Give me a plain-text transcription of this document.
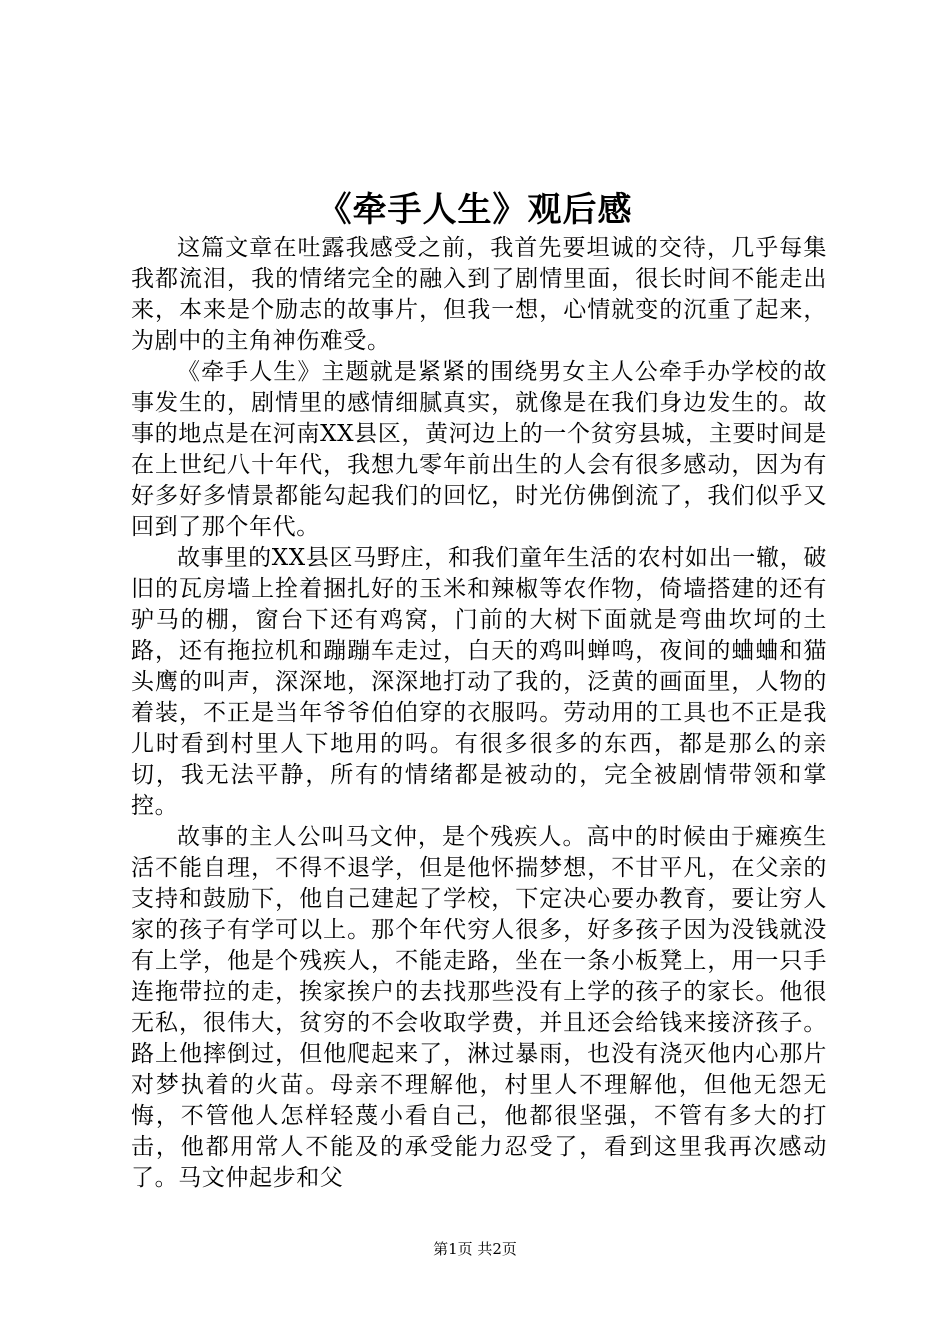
《牵手人生》观后感

这篇文章在吐露我感受之前，我首先要坦诚的交待，几乎每集我都流泪，我的情绪完全的融入到了剧情里面，很长时间不能走出来，本来是个励志的故事片，但我一想，心情就变的沉重了起来，为剧中的主角神伤难受。

《牵手人生》主题就是紧紧的围绕男女主人公牵手办学校的故事发生的，剧情里的感情细腻真实，就像是在我们身边发生的。故事的地点是在河南XX县区，黄河边上的一个贫穷县城，主要时间是在上世纪八十年代，我想九零年前出生的人会有很多感动，因为有好多好多情景都能勾起我们的回忆，时光仿佛倒流了，我们似乎又回到了那个年代。

故事里的XX县区马野庄，和我们童年生活的农村如出一辙，破旧的瓦房墙上拴着捆扎好的玉米和辣椒等农作物，倚墙搭建的还有驴马的棚，窗台下还有鸡窝，门前的大树下面就是弯曲坎坷的土路，还有拖拉机和蹦蹦车走过，白天的鸡叫蝉鸣，夜间的蛐蛐和猫头鹰的叫声，深深地，深深地打动了我的，泛黄的画面里，人物的着装，不正是当年爷爷伯伯穿的衣服吗。劳动用的工具也不正是我儿时看到村里人下地用的吗。有很多很多的东西，都是那么的亲切，我无法平静，所有的情绪都是被动的，完全被剧情带领和掌控。

故事的主人公叫马文仲，是个残疾人。高中的时候由于瘫痪生活不能自理，不得不退学，但是他怀揣梦想，不甘平凡，在父亲的支持和鼓励下，他自己建起了学校，下定决心要办教育，要让穷人家的孩子有学可以上。那个年代穷人很多，好多孩子因为没钱就没有上学，他是个残疾人，不能走路，坐在一条小板凳上，用一只手连拖带拉的走，挨家挨户的去找那些没有上学的孩子的家长。他很无私，很伟大，贫穷的不会收取学费，并且还会给钱来接济孩子。路上他摔倒过，但他爬起来了，淋过暴雨，也没有浇灭他内心那片对梦执着的火苗。母亲不理解他，村里人不理解他，但他无怨无悔，不管他人怎样轻蔑小看自己，他都很坚强，不管有多大的打击，他都用常人不能及的承受能力忍受了，看到这里我再次感动了。马文仲起步和父

第1页 共2页
